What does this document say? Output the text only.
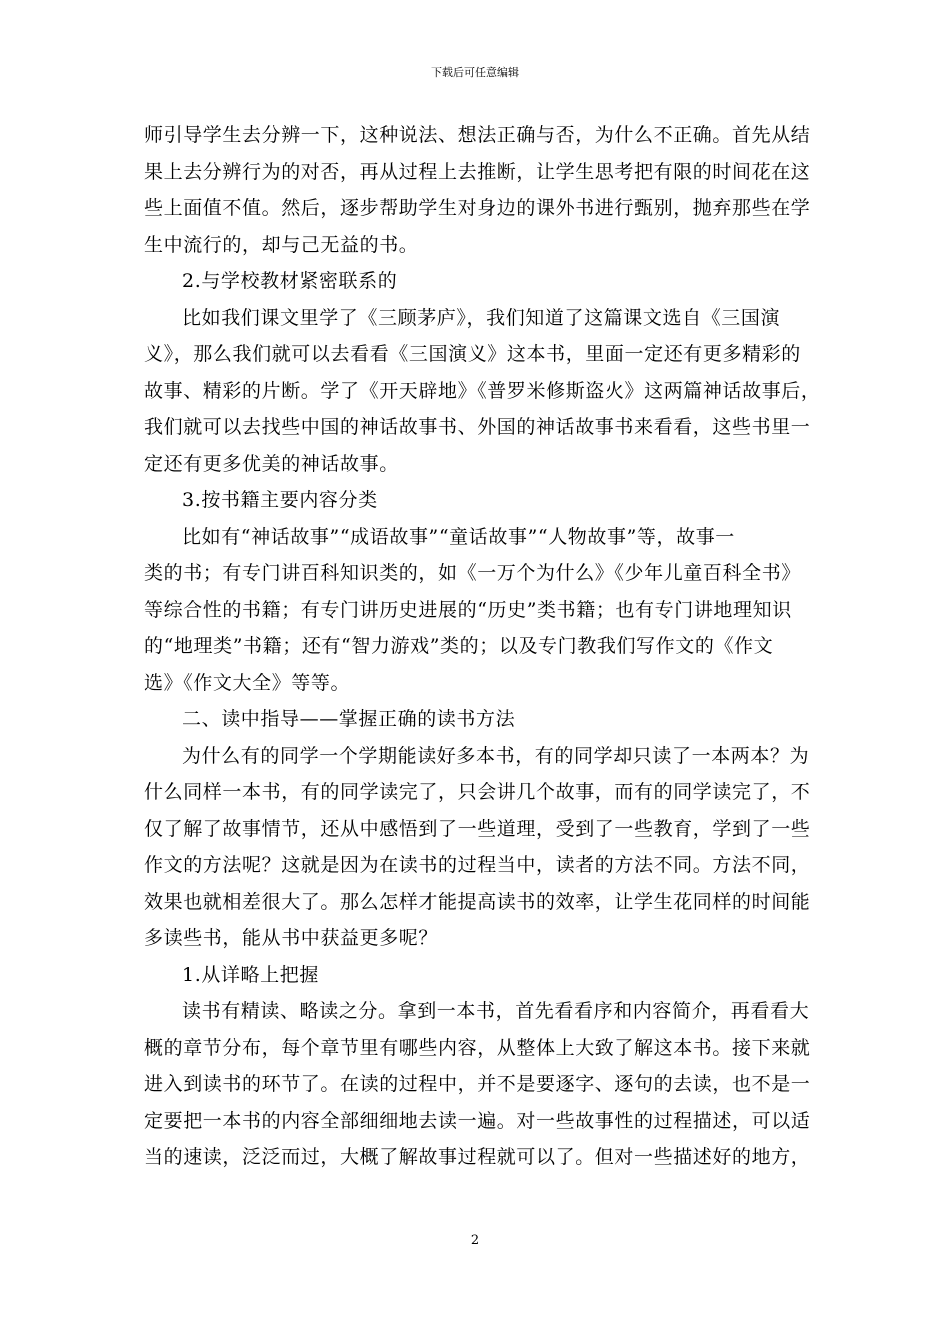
下载后可任意编辑

师引导学生去分辨一下，这种说法、想法正确与否，为什么不正确。首先从结
果上去分辨行为的对否，再从过程上去推断，让学生思考把有限的时间花在这
些上面值不值。然后，逐步帮助学生对身边的课外书进行甄别，抛弃那些在学
生中流行的，却与己无益的书。

2.与学校教材紧密联系的

比如我们课文里学了《三顾茅庐》，我们知道了这篇课文选自《三国演
义》，那么我们就可以去看看《三国演义》这本书，里面一定还有更多精彩的
故事、精彩的片断。学了《开天辟地》《普罗米修斯盗火》这两篇神话故事后，
我们就可以去找些中国的神话故事书、外国的神话故事书来看看，这些书里一
定还有更多优美的神话故事。

3.按书籍主要内容分类

比如有“神话故事”“成语故事”“童话故事”“人物故事”等，故事一
类的书；有专门讲百科知识类的，如《一万个为什么》《少年儿童百科全书》
等综合性的书籍；有专门讲历史进展的“历史”类书籍；也有专门讲地理知识
的“地理类”书籍；还有“智力游戏”类的；以及专门教我们写作文的《作文
选》《作文大全》等等。

二、读中指导——掌握正确的读书方法

为什么有的同学一个学期能读好多本书，有的同学却只读了一本两本？为
什么同样一本书，有的同学读完了，只会讲几个故事，而有的同学读完了，不
仅了解了故事情节，还从中感悟到了一些道理，受到了一些教育，学到了一些
作文的方法呢？这就是因为在读书的过程当中，读者的方法不同。方法不同，
效果也就相差很大了。那么怎样才能提高读书的效率，让学生花同样的时间能
多读些书，能从书中获益更多呢？

1.从详略上把握

读书有精读、略读之分。拿到一本书，首先看看序和内容简介，再看看大
概的章节分布，每个章节里有哪些内容，从整体上大致了解这本书。接下来就
进入到读书的环节了。在读的过程中，并不是要逐字、逐句的去读，也不是一
定要把一本书的内容全部细细地去读一遍。对一些故事性的过程描述，可以适
当的速读，泛泛而过，大概了解故事过程就可以了。但对一些描述好的地方，

2
